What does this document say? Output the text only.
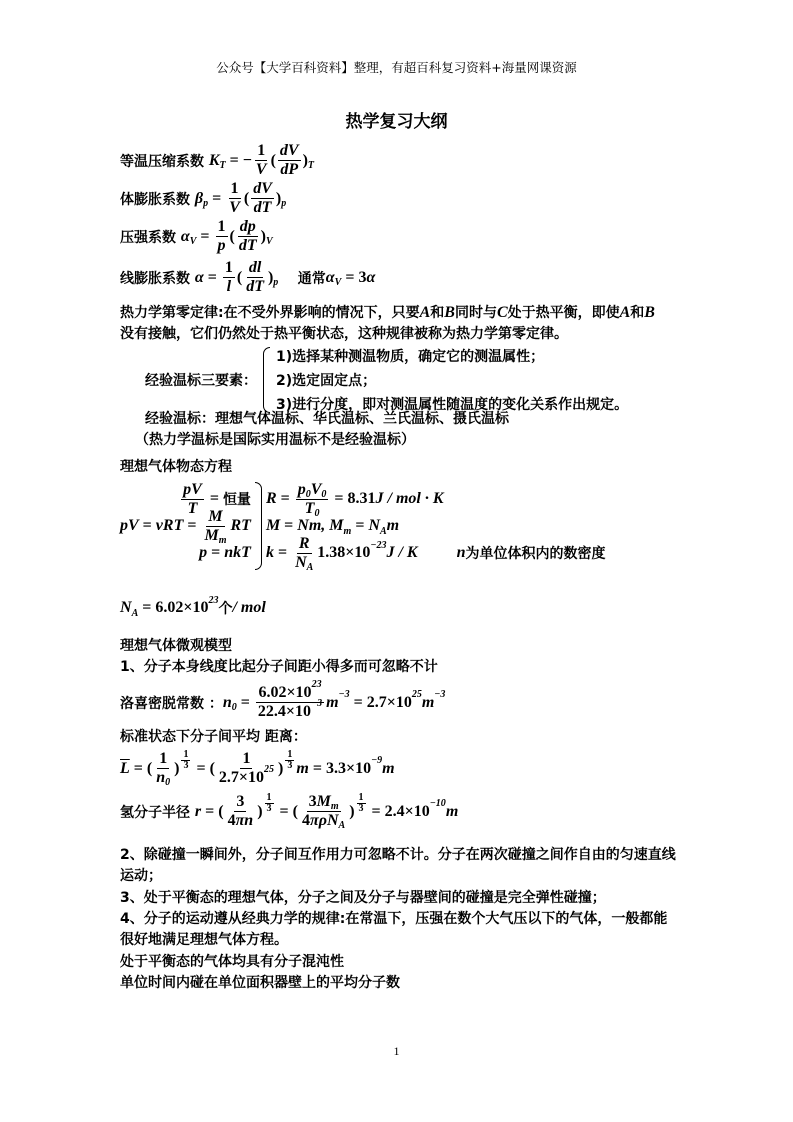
公众号【大学百科资料】整理，有超百科复习资料+海量网课资源
热学复习大纲
等温压缩系数 K T = − $\frac{1}{V}$ ( $\frac{dV}{dP}$ ) T
体膨胀系数 β $p = \frac{1}{V}$ ( $\frac{dV}{dT}$ ) p
压强系数 α $V = \frac{1}{p}$ ( $\frac{dp}{dT}$ ) V
线膨胀系数 $\alpha = \frac{1}{l}$ ( $\frac{dl}{dT}$ ) p 通常 α V = 3 α
热力学第零定律:在不受外界影响的情况下，只要A和B同时与C处于热平衡，即使A和B没有接触，它们仍然处于热平衡状态，这种规律被称为热力学第零定律。
经验温标三要素：
1)选择某种测温物质，确定它的测温属性；
2)选定固定点；
3)进行分度，即对测温属性随温度的变化关系作出规定。
经验温标：理想气体温标、华氏温标、兰氏温标、摄氏温标
（热力学温标是国际实用温标不是经验温标）
理想气体物态方程
$\frac{pV}{T}$ = 恒量
pV = $\nu RT = \frac{M}{\text{M m}}$ RT
p = nkT
$R = \frac{p 0 V 0}{T 0} = 8.31$ J / mol · K
M = Nm, M m = N A m
$k = \frac{R}{\text{N A}} 1.38\times 10 -23$ J / K
n 为单位体积内的数密度
N A = 6.02×10 23
个 / mol
理想气体微观模型
1、分子本身线度比起分子间距小得多而可忽略不计
洛喜密脱常数 ： n $0 = \frac{6.02\times 10 23}{22.4\times 10 -3}$ m −3 = 2.7×10 25 m −3
标准状态下分子间平均 距离：
$\overline{L}$ = ( $\frac{1}{n 0}$ ) $\frac{1}{3}$ = ( $\frac{1}{2.7\times 10 25}$ ) $\frac{1}{3}$ m = 3.3×10 −9 m
氢分子半径 r = ( $\frac{3}{4 \pi n}$ ) $\frac{1}{3}$ = ( $\frac{\text{3 M m}}{\text{4 πρN A}}$ ) $\frac{1}{3} = 2.4\times 10 -10$ m
2、除碰撞一瞬间外，分子间互作用力可忽略不计。分子在两次碰撞之间作自由的匀速直线运动；
3、处于平衡态的理想气体，分子之间及分子与器壁间的碰撞是完全弹性碰撞；
4、分子的运动遵从经典力学的规律:在常温下，压强在数个大气压以下的气体，一般都能很好地满足理想气体方程。
处于平衡态的气体均具有分子混沌性
单位时间内碰在单位面积器壁上的平均分子数
1
